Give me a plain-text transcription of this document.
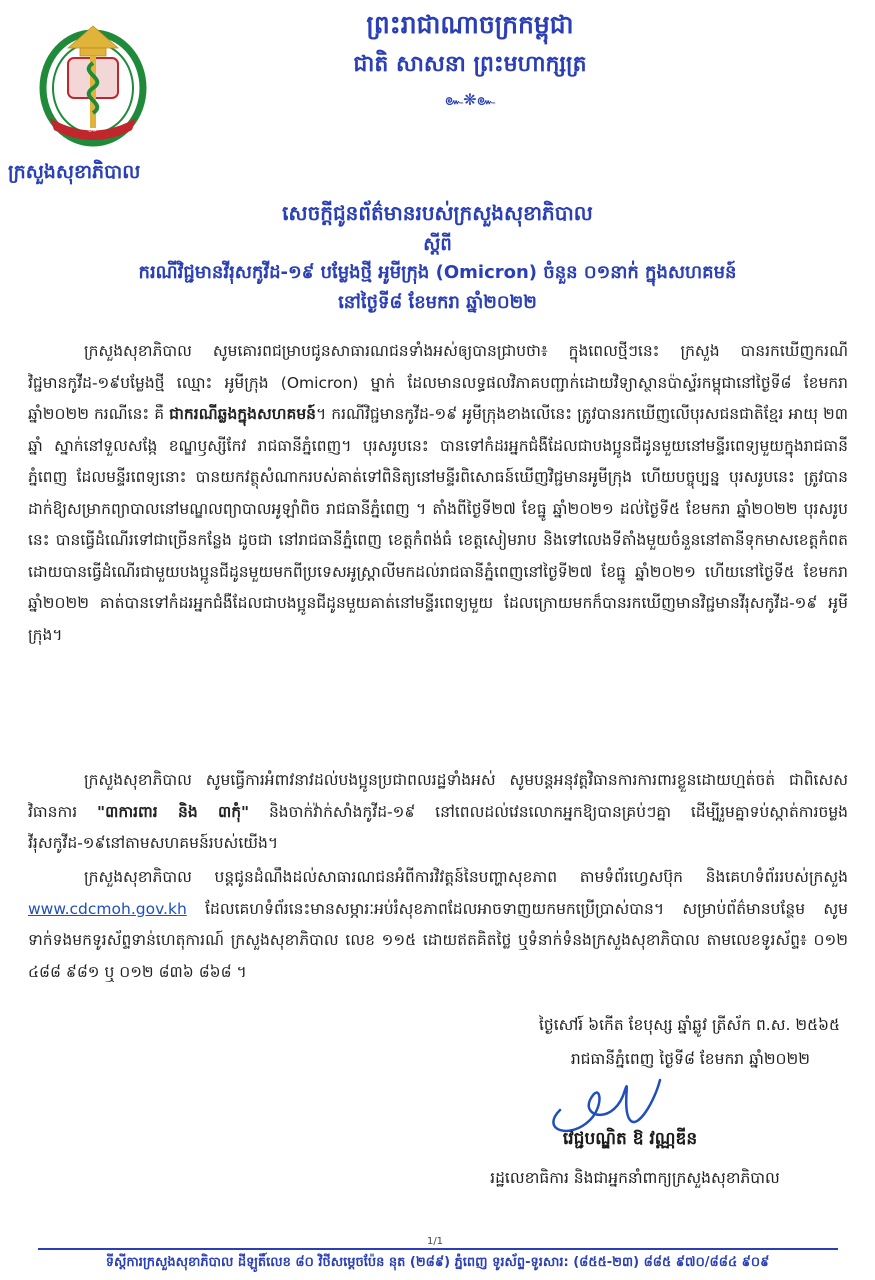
៚
ក្រសួងសុខាភិបាល
ព្រះរាជាណាចក្រកម្ពុជា
ជាតិ សាសនា ព្រះមហាក្សត្រ
๛❋๛
សេចក្តីជូនព័ត៌មានរបស់ក្រសួងសុខាភិបាល
ស្តីពី
ករណីវិជ្ជមានវីរុសកូវីដ-១៩ បម្លែងថ្មី អូមីក្រុង (Omicron) ចំនួន ០១នាក់ ក្នុងសហគមន៍
នៅថ្ងៃទី៨ ខែមករា ឆ្នាំ២០២២
ក្រសួងសុខាភិបាល សូមគោរពជម្រាបជូនសាធារណជនទាំងអស់ឲ្យបានជ្រាបថា៖ ក្នុងពេលថ្មីៗនេះ ក្រសួង បានរកឃើញករណីវិជ្ជមានកូវីដ-១៩បម្លែងថ្មី ឈ្មោះ អូមីក្រុង (Omicron) ម្នាក់ ដែលមានលទ្ធផលវិភាគបញ្ជាក់ដោយវិទ្យាស្ថានប៉ាស្ទ័រកម្ពុជានៅថ្ងៃទី៨ ខែមករា ឆ្នាំ២០២២ ករណីនេះ គឺ ជាករណីឆ្លងក្នុងសហគមន៍។ ករណីវិជ្ជមានកូវីដ-១៩ អូមីក្រុងខាងលើនេះ ត្រូវបានរកឃើញលើបុរសជនជាតិខ្មែរ អាយុ ២៣ ឆ្នាំ ស្នាក់នៅទួលសង្កែ ខណ្ឌឫស្សីកែវ រាជធានីភ្នំពេញ។ បុរសរូបនេះ បានទៅកំដរអ្នកជំងឺដែលជាបងប្អូនជីដូនមួយនៅមន្ទីរពេទ្យមួយក្នុងរាជធានីភ្នំពេញ ដែលមន្ទីរពេទ្យនោះ បានយកវត្ថុសំណាករបស់គាត់ទៅពិនិត្យនៅមន្ទីរពិសោធន៍ឃើញវិជ្ជមានអូមីក្រុង ហើយបច្ចុប្បន្ន បុរសរូបនេះ ត្រូវបានដាក់ឱ្យសម្រាកព្យាបាលនៅមណ្ឌលព្យាបាលអូឡាំពិច រាជធានីភ្នំពេញ ។ តាំងពីថ្ងៃទី២៧ ខែធ្នូ ឆ្នាំ២០២១ ដល់ថ្ងៃទី៥ ខែមករា ឆ្នាំ២០២២ បុរសរូបនេះ បានធ្វើដំណើរទៅជាច្រើនកន្លែង ដូចជា នៅរាជធានីភ្នំពេញ ខេត្តកំពង់ធំ ខេត្តសៀមរាប និងទៅលេងទីតាំងមួយចំនួននៅតានីទុកមាសខេត្តកំពតដោយបានធ្វើដំណើរជាមួយបងប្អូនជីដូនមួយមកពីប្រទេសអូស្ត្រាលីមកដល់រាជធានីភ្នំពេញនៅថ្ងៃទី២៧ ខែធ្នូ ឆ្នាំ២០២១ ហើយនៅថ្ងៃទី៥ ខែមករា ឆ្នាំ២០២២ គាត់បានទៅកំដរអ្នកជំងឺដែលជាបងប្អូនជីដូនមួយគាត់នៅមន្ទីរពេទ្យមួយ ដែលក្រោយមកក៏បានរកឃើញមានវិជ្ជមានវីរុសកូវីដ-១៩ អូមីក្រុង។
ក្រសួងសុខាភិបាល សូមធ្វើការអំពាវនាវដល់បងប្អូនប្រជាពលរដ្ឋទាំងអស់ សូមបន្តអនុវត្តវិធានការការពារខ្លួនដោយហ្មត់ចត់ ជាពិសេសវិធានការ "៣ការពារ និង ៣កុំ" និងចាក់វ៉ាក់សាំងកូវីដ-១៩ នៅពេលដល់វេនលោកអ្នកឱ្យបានគ្រប់ៗគ្នា ដើម្បីរួមគ្នាទប់ស្កាត់ការចម្លងវីរុសកូវីដ-១៩នៅតាមសហគមន៍របស់យើង។
ក្រសួងសុខាភិបាល បន្តជូនដំណឹងដល់សាធារណជនអំពីការវិវត្តន៍នៃបញ្ហាសុខភាព តាមទំព័រហ្វេសប៊ុក និងគេហទំព័ររបស់ក្រសួង www.cdcmoh.gov.kh ដែលគេហទំព័រនេះមានសម្ភារៈអប់រំសុខភាពដែលអាចទាញយកមកប្រើប្រាស់បាន។ សម្រាប់ព័ត៌មានបន្ថែម សូមទាក់ទងមកទូរស័ព្ទទាន់ហេតុការណ៍ ក្រសួងសុខាភិបាល លេខ ១១៥ ដោយឥតគិតថ្លៃ ឬទំនាក់ទំនងក្រសួងសុខាភិបាល តាមលេខទូរស័ព្ទ៖ ០១២ ៤៨៨ ៩៨១ ឬ ០១២ ៨៣៦ ៨៦៨ ។
ថ្ងៃសៅរ៍ ៦កើត ខែបុស្ស ឆ្នាំឆ្លូវ ត្រីស័ក ព.ស. ២៥៦៥
រាជធានីភ្នំពេញ ថ្ងៃទី៨ ខែមករា ឆ្នាំ២០២២
វេជ្ជបណ្ឌិត ឱ វណ្ណឌីន
រដ្ឋលេខាធិការ និងជាអ្នកនាំពាក្យក្រសួងសុខាភិបាល
1/1
ទីស្តីការក្រសួងសុខាភិបាល ដីឡូតិ៍លេខ ៨០ វិថីសម្តេចប៉ែន នុត (២៨៩) ភ្នំពេញ ទូរស័ព្ទ-ទូរសារ: (៨៥៥-២៣) ៨៨៥ ៩៧០/៨៨៤ ៩០៩
